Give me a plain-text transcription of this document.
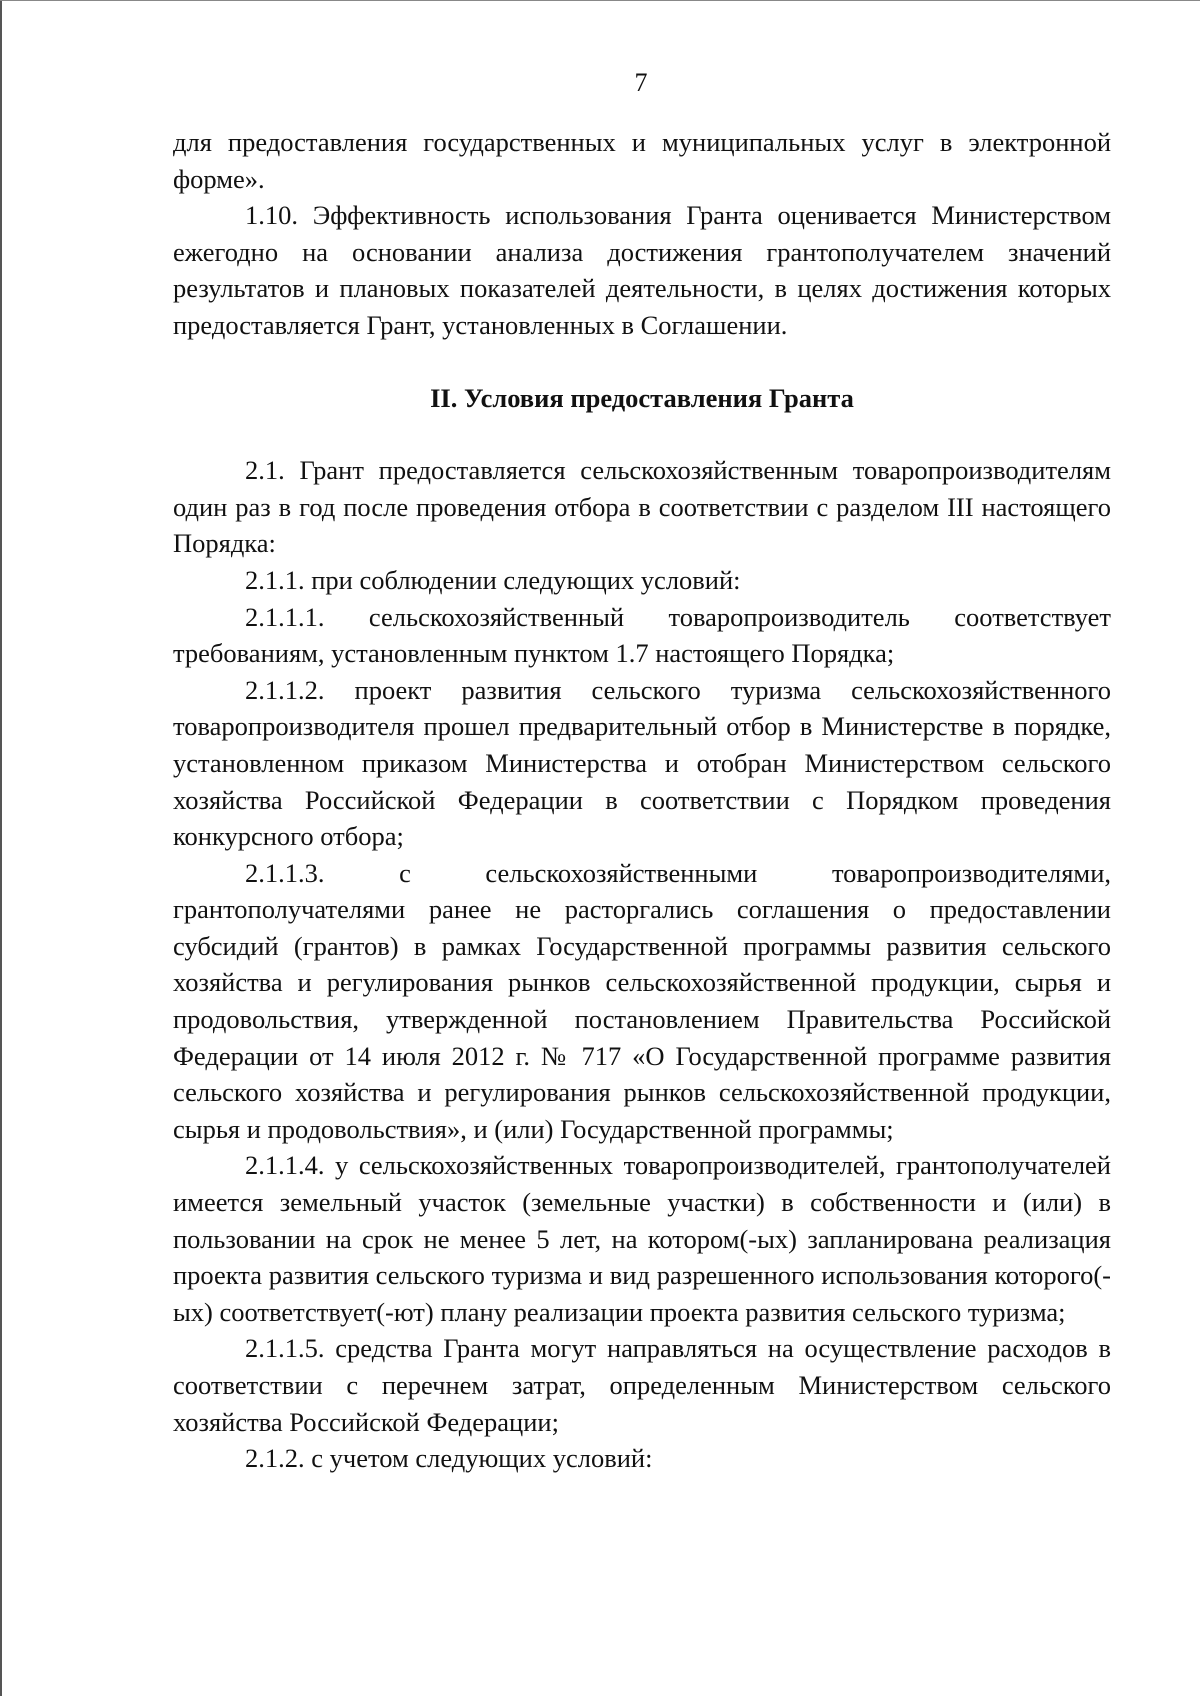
7

для предоставления государственных и муниципальных услуг в электронной форме».

1.10. Эффективность использования Гранта оценивается Министерством ежегодно на основании анализа достижения грантополучателем значений результатов и плановых показателей деятельности, в целях достижения которых предоставляется Грант, установленных в Соглашении.

II. Условия предоставления Гранта

2.1. Грант предоставляется сельскохозяйственным товаропроизводителям один раз в год после проведения отбора в соответствии с разделом III настоящего Порядка:

2.1.1. при соблюдении следующих условий:

2.1.1.1. сельскохозяйственный товаропроизводитель соответствует требованиям, установленным пунктом 1.7 настоящего Порядка;

2.1.1.2. проект развития сельского туризма сельскохозяйственного товаропроизводителя прошел предварительный отбор в Министерстве в порядке, установленном приказом Министерства и отобран Министерством сельского хозяйства Российской Федерации в соответствии с Порядком проведения конкурсного отбора;

2.1.1.3. с сельскохозяйственными товаропроизводителями, грантополучателями ранее не расторгались соглашения о предоставлении субсидий (грантов) в рамках Государственной программы развития сельского хозяйства и регулирования рынков сельскохозяйственной продукции, сырья и продовольствия, утвержденной постановлением Правительства Российской Федерации от 14 июля 2012 г. № 717 «О Государственной программе развития сельского хозяйства и регулирования рынков сельскохозяйственной продукции, сырья и продовольствия», и (или) Государственной программы;

2.1.1.4. у сельскохозяйственных товаропроизводителей, грантополучателей имеется земельный участок (земельные участки) в собственности и (или) в пользовании на срок не менее 5 лет, на котором(-ых) запланирована реализация проекта развития сельского туризма и вид разрешенного использования которого(-ых) соответствует(-ют) плану реализации проекта развития сельского туризма;

2.1.1.5. средства Гранта могут направляться на осуществление расходов в соответствии с перечнем затрат, определенным Министерством сельского хозяйства Российской Федерации;

2.1.2. с учетом следующих условий:
